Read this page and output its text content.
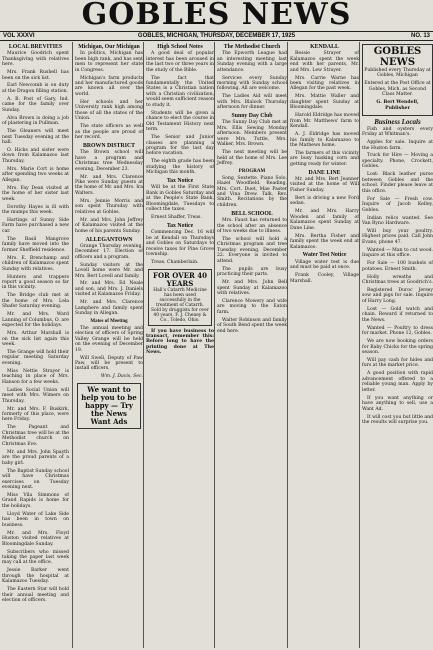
GOBLES NEWS
VOL XXXVI	GOBLES, MICHIGAN, THURSDAY, DECEMBER 17, 1925	NO. 13
LOCAL BREVITIES

Maurice Goodrich spent Thanksgiving with relatives here.

Mrs. Frank Rushell has been on the sick list.

Earl Newcomb is on duty at the Dragon filling station.

A. B. Post of Gary, Ind. came for the family over Sunday.

Alva Brown is doing a job of plastering in Pullman.

The Gleaners will meet next Tuesday evening at the hall.

O. Hicks and sister were down from Kalamazoo last Thursday.

Mrs. Marie Cort is home after spending two weeks at Allegan.

Mrs. Fay Dean visited at the home of her sister last week.

Dorothy Hayes is ill with the mumps this week.

Hartings of Sunny Side Farm have purchased a new car.

The Basil Mangrove family have moved into the former Sheffield residence.

Mrs. E. Brenchamp and children of Kalamazoo spent Sunday with relatives.

Hunters and trappers report a good season so far in this vicinity.

The Bridge club met at the home of Mrs. Lela Shafer Saturday evening.

Mr. and Mrs. Ward Lanning of Columbus, O. are expected for the holidays.

Mrs. Arthur Marshall is on the sick list again this week.

The Grange will hold their regular meeting Saturday evening.

Miss Nettie Strayer is teaching in place of Mrs. Hanson for a few weeks.

Ladies Social Union will meet with Mrs. Wimers on Thursday.

Mr. and Mrs. F. Buskirk, formerly of this place, were here Friday.

The Pageant and Christmas tree will be at the Methodist church on Christmas Eve.

Mr. and Mrs. John Spayth are the proud parents of a baby girl.

The Baptist Sunday school will have Christmas exercises on Tuesday evening next.

Miss Vila Simmons of Grand Rapids is home for the holidays.

Lloyd Water of Lake Side has been in town on business.

Mr. and Mrs. Floyd Huston visited relatives at Bloomingdale Sunday.

Subscribers who missed taking the paper last week may call at the office.

Jessie Barker went through the hospital at Kalamazoo Tuesday.

The Eastern Star will hold their annual meeting and election of officers.

Michigan, Our Michigan

In politics, Michigan has been high rank, and has sent men to represent her state in Congress.

Michigan's farm products and her manufactured goods are known all over the world.

Her schools and her University rank high among those of all the states of the Union.

The state officers as well as the people are proud of her record.

BROWN DISTRICT

The Brown school will have a program and Christmas tree Wednesday evening, December 23.

Mr. and Mrs. Clarence Pike were Sunday guests at the home of Mr. and Mrs. Ira Walters.

Mrs. Jennie Morris and son spent Thursday with relatives at Gobles.

Mr. and Mrs. John Jeffrey of Kalamazoo visited at the home of his parents Sunday.

ALLEGANTOWN

Grange Thursday evening, December 17. Election of officers and a program.

Sunday visitors at the Lovell home were Mr. and Mrs. Bert Lovell and family.

Mr. and Mrs. Ed Neale and son, and Mrs. J. Daniels visited at Kalamazoo Friday.

Mr. and Mrs. Clarence Lamphere and family spent Sunday in Allegan.

Mates of Meeting

The annual meeting and election of officers of Spring Valley Grange will be held on the evening of December 19.

Will Swell, Deputy of Paw Paw, will be present to install officers.

Wm. J. Davis, Sec.

We want to help you to be happy — Try the News Want Ads
High School Notes

A good deal of popular interest has been aroused in the last two or three years in the study of the Bible.

The fact that fundamentally the United States is a Christian nation with a Christian civilization, would seem sufficient reason to study it.

Students will be given a chance to elect the course in Old Testament History next term.

The Senior and Junior classes are planning a program for the last day before vacation.

The eighth grade has been studying the history of Michigan this month.

Tax Notice

Will be at the First State Bank in Gobles Saturday and at the People's State Bank, Bloomingdale, Tuesdays to collect the taxes.

Ernest Shaffer, Treas.

Tax Notice

Commencing Dec. 16 will be at Kendall on Thursdays and Gobles on Saturdays to receive taxes for Pine Grove township.

Treas. Chamberlain.

FOR OVER 40 YEARS
Hall's Catarrh Medicine has been used successfully in the treatment of Catarrh. Sold by druggists for over 40 years. F. J. Cheney & Co., Toledo, Ohio.

If you have business to transact, remember this: Before long to have the printing done at The News.

The Methodist Church

The Epworth League had an interesting meeting last Sunday evening with a large attendance.

Services every Sunday morning with Sunday school following. All are welcome.

The Ladies Aid will meet with Mrs. Blalock Thursday afternoon for dinner.

Sunny Day Club

The Sunny Day Club met at Mrs. Ellis Sewing Monday afternoon. Members present were Mrs. Tuttle, Mrs. Walker, Mrs. Brown.

The next meeting will be held at the home of Mrs. Lee Jeffrey.

PROGRAM

Song, Sextette. Piano Solo, Hazel Woodfield. Reading, Mrs. Cort. Duet, Mae Paster and Vina Drew. Talk, Rev. Smith. Recitations by the children.

BELL SCHOOL

Mrs. Faust has returned to the school after an absence of two weeks due to illness.

The school will hold a Christmas program and tree Tuesday evening, December 22. Everyone is invited to attend.

The pupils are busy practicing their parts.

Mr. and Mrs. John Bell spent Sunday at Kalamazoo with relatives.

Clarence Mowery and wife are moving to the Eaton farm.

Walter Robinson and family of South Bend spent the week end here.

KENDALL

Bessie Strayer of Kalamazoo spent the week end with her parents, Mr. and Mrs. Lew Strayer.

Mrs. Carrie Warne has been visiting relatives in Allegan for the past week.

Mrs. Mattie Waller and daughter spent Sunday at Bloomingdale.

Harold Eldridge has moved from Mr. Matthews' farm to Kendall.

A. J. Eldridge has moved his family to Kalamazoo to the Mathews home.

The farmers of this vicinity are busy husking corn and getting ready for winter.

DANE LINE

Mr. and Mrs. Bert Jeanner visited at the home of Will Fisher Sunday.

Bert is driving a new Ford sedan.

Mr. and Mrs. Harry Wooden and family of Kalamazoo spent Sunday at Dane Line.

Mrs. Bertha Fisher and family spent the week end at Kalamazoo.

Water Test Notice

Village water test is due and must be paid at once.

Frank Cooley, Village Marshall.

GOBLES NEWS

Published every Thursday at Gobles, Michigan

Entered at the Post Office at Gobles, Mich. as Second Class Matter.

G. Bert Wendell, Publisher

Business Locals

Fish and oysters every Friday at Whitman's.

Apples for sale. Inquire at the Huston farm.

Truck for Hire — Moving a specialty. Phone, Crockett, Gobles.

Lost: Black leather purse between Gobles and the school. Finder please leave at this office.

For Sale — Fresh cow. Inquire of Jacob Kelley, Gobles.

Indian relics wanted. See Van Ryno Hardware.

Will buy your poultry. Highest prices paid. Call John Evans, phone 47.

Wanted — Man to cut wood. Inquire at this office.

For Sale — 100 bushels of potatoes. Ernest Smith.

Holly wreaths and Christmas trees at Goodrich's.

Registered Duroc Jersey sow and pigs for sale. Inquire of Harry Long.

Lost — Gold watch and chain. Reward if returned to the News.

Wanted — Poultry to dress for market. Phone 12, Gobles.

We are now booking orders for Baby Chicks for the spring season.

Will pay cash for hides and furs at the market price.

A good position with rapid advancement offered to a reliable young man. Apply by letter.

If you want anything or have anything to sell, use a Want Ad.

It will cost you but little and the results will surprise you.
